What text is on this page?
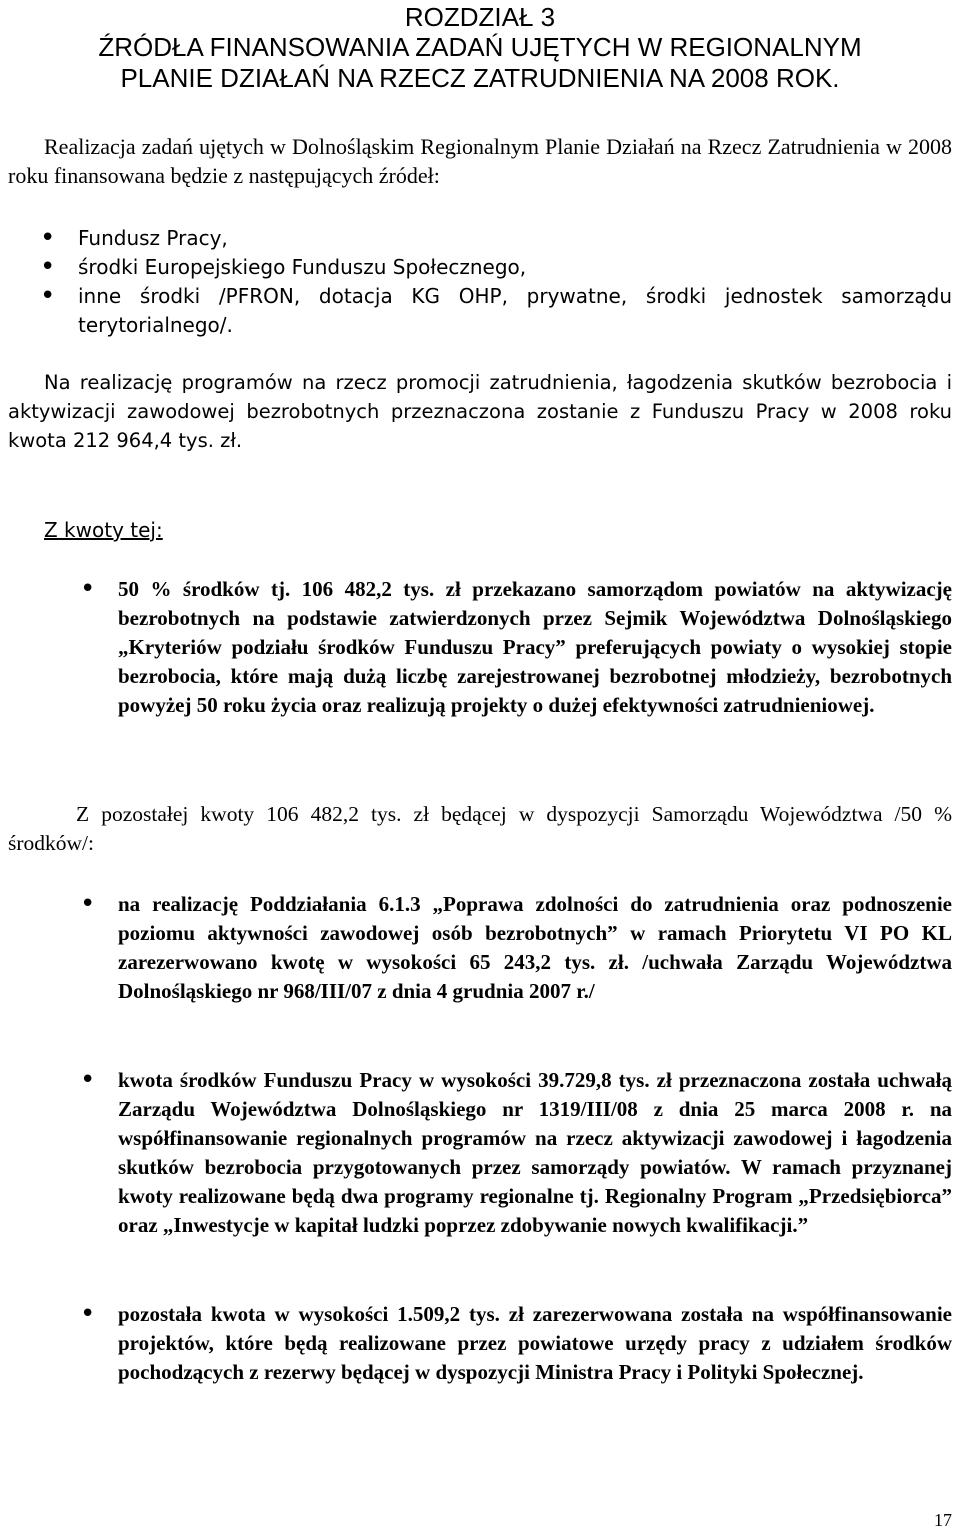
ROZDZIAŁ 3

ŹRÓDŁA FINANSOWANIA ZADAŃ UJĘTYCH W REGIONALNYM

PLANIE DZIAŁAŃ NA RZECZ ZATRUDNIENIA NA 2008 ROK.

Realizacja zadań ujętych w Dolnośląskim Regionalnym Planie Działań na Rzecz Zatrudnienia w 2008 roku finansowana będzie z następujących źródeł:

• Fundusz Pracy,

• środki Europejskiego Funduszu Społecznego,

• inne środki /PFRON, dotacja KG OHP, prywatne, środki jednostek samorządu terytorialnego/.

Na realizację programów na rzecz promocji zatrudnienia, łagodzenia skutków bezrobocia i aktywizacji zawodowej bezrobotnych przeznaczona zostanie z Funduszu Pracy w 2008 roku kwota 212 964,4 tys. zł.

Z kwoty tej:

• 50 % środków tj. 106 482,2 tys. zł przekazano samorządom powiatów na aktywizację bezrobotnych na podstawie zatwierdzonych przez Sejmik Województwa Dolnośląskiego „Kryteriów podziału środków Funduszu Pracy” preferujących powiaty o wysokiej stopie bezrobocia, które mają dużą liczbę zarejestrowanej bezrobotnej młodzieży, bezrobotnych powyżej 50 roku życia oraz realizują projekty o dużej efektywności zatrudnieniowej.

Z pozostałej kwoty 106 482,2 tys. zł będącej w dyspozycji Samorządu Województwa /50 % środków/:

• na realizację Poddziałania 6.1.3 „Poprawa zdolności do zatrudnienia oraz podnoszenie poziomu aktywności zawodowej osób bezrobotnych” w ramach Priorytetu VI PO KL zarezerwowano kwotę w wysokości 65 243,2 tys. zł. /uchwała Zarządu Województwa Dolnośląskiego nr 968/III/07 z dnia 4 grudnia 2007 r./

• kwota środków Funduszu Pracy w wysokości 39.729,8 tys. zł przeznaczona została uchwałą Zarządu Województwa Dolnośląskiego nr 1319/III/08 z dnia 25 marca 2008 r. na współfinansowanie regionalnych programów na rzecz aktywizacji zawodowej i łagodzenia skutków bezrobocia przygotowanych przez samorządy powiatów. W ramach przyznanej kwoty realizowane będą dwa programy regionalne tj. Regionalny Program „Przedsiębiorca” oraz „Inwestycje w kapitał ludzki poprzez zdobywanie nowych kwalifikacji.”

• pozostała kwota w wysokości 1.509,2 tys. zł zarezerwowana została na współfinansowanie projektów, które będą realizowane przez powiatowe urzędy pracy z udziałem środków pochodzących z rezerwy będącej w dyspozycji Ministra Pracy i Polityki Społecznej.

17
